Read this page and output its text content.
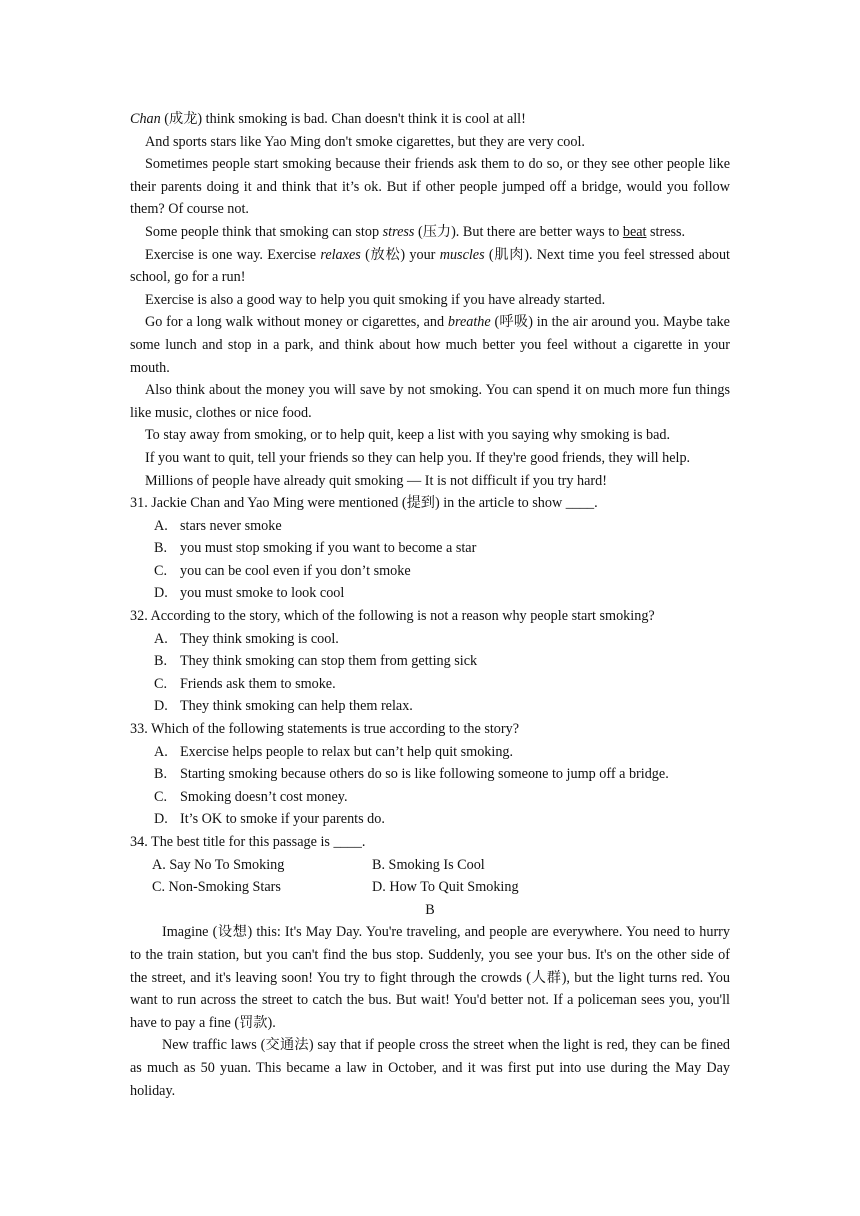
Chan (成龙) think smoking is bad. Chan doesn't think it is cool at all!

And sports stars like Yao Ming don't smoke cigarettes, but they are very cool.

Sometimes people start smoking because their friends ask them to do so, or they see other people like their parents doing it and think that it’s ok. But if other people jumped off a bridge, would you follow them? Of course not.

Some people think that smoking can stop stress (压力). But there are better ways to beat stress.

Exercise is one way. Exercise relaxes (放松) your muscles (肌肉). Next time you feel stressed about school, go for a run!

Exercise is also a good way to help you quit smoking if you have already started.

Go for a long walk without money or cigarettes, and breathe (呼吸) in the air around you. Maybe take some lunch and stop in a park, and think about how much better you feel without a cigarette in your mouth.

Also think about the money you will save by not smoking. You can spend it on much more fun things like music, clothes or nice food.

To stay away from smoking, or to help quit, keep a list with you saying why smoking is bad.

If you want to quit, tell your friends so they can help you. If they're good friends, they will help.

Millions of people have already quit smoking — It is not difficult if you try hard!

31. Jackie Chan and Yao Ming were mentioned (提到) in the article to show ____.

A. stars never smoke

B. you must stop smoking if you want to become a star

C. you can be cool even if you don’t smoke

D. you must smoke to look cool

32. According to the story, which of the following is not a reason why people start smoking?

A. They think smoking is cool.

B. They think smoking can stop them from getting sick

C. Friends ask them to smoke.

D. They think smoking can help them relax.

33. Which of the following statements is true according to the story?

A. Exercise helps people to relax but can’t help quit smoking.

B. Starting smoking because others do so is like following someone to jump off a bridge.

C. Smoking doesn’t cost money.

D. It’s OK to smoke if your parents do.

34. The best title for this passage is ____.

A. Say No To Smoking	B. Smoking Is Cool
C. Non-Smoking Stars	D. How To Quit Smoking

B

Imagine (设想) this: It's May Day. You're traveling, and people are everywhere. You need to hurry to the train station, but you can't find the bus stop. Suddenly, you see your bus. It's on the other side of the street, and it's leaving soon! You try to fight through the crowds (人群), but the light turns red. You want to run across the street to catch the bus. But wait! You'd better not. If a policeman sees you, you'll have to pay a fine (罚款).

New traffic laws (交通法) say that if people cross the street when the light is red, they can be fined as much as 50 yuan. This became a law in October, and it was first put into use during the May Day holiday.
